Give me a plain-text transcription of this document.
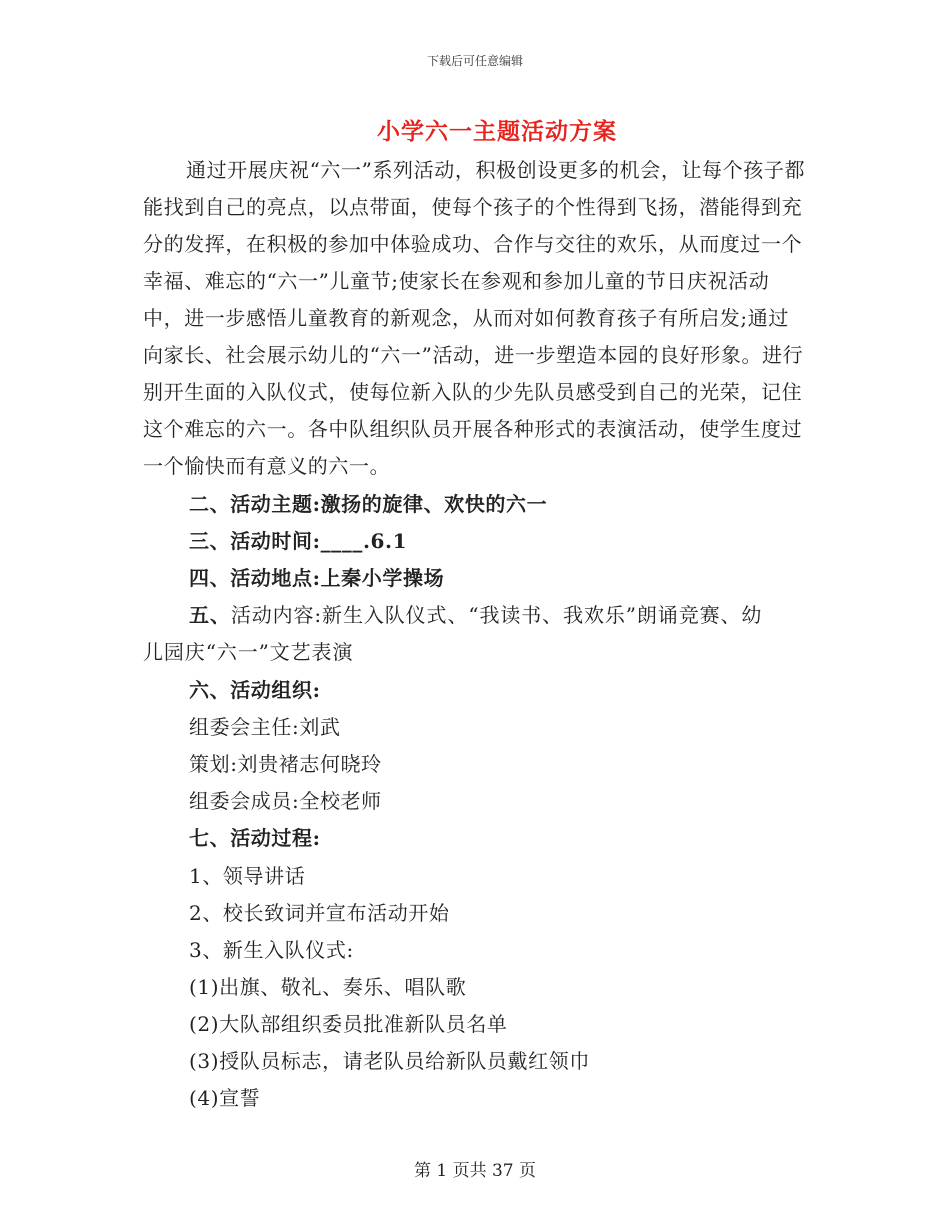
下载后可任意编辑
小学六一主题活动方案

通过开展庆祝“六一”系列活动，积极创设更多的机会，让每个孩子都能找到自己的亮点，以点带面，使每个孩子的个性得到飞扬，潜能得到充分的发挥，在积极的参加中体验成功、合作与交往的欢乐，从而度过一个幸福、难忘的“六一”儿童节;使家长在参观和参加儿童的节日庆祝活动中，进一步感悟儿童教育的新观念，从而对如何教育孩子有所启发;通过向家长、社会展示幼儿的“六一”活动，进一步塑造本园的良好形象。进行别开生面的入队仪式，使每位新入队的少先队员感受到自己的光荣，记住这个难忘的六一。各中队组织队员开展各种形式的表演活动，使学生度过一个愉快而有意义的六一。

二、活动主题:激扬的旋律、欢快的六一
三、活动时间:____.6.1
四、活动地点:上秦小学操场
五、活动内容:新生入队仪式、“我读书、我欢乐”朗诵竞赛、幼
儿园庆“六一”文艺表演
六、活动组织:
组委会主任:刘武
策划:刘贵褚志何晓玲
组委会成员:全校老师
七、活动过程:
1、领导讲话
2、校长致词并宣布活动开始
3、新生入队仪式:
(1)出旗、敬礼、奏乐、唱队歌
(2)大队部组织委员批准新队员名单
(3)授队员标志，请老队员给新队员戴红领巾
(4)宣誓
第 1 页共 37 页
